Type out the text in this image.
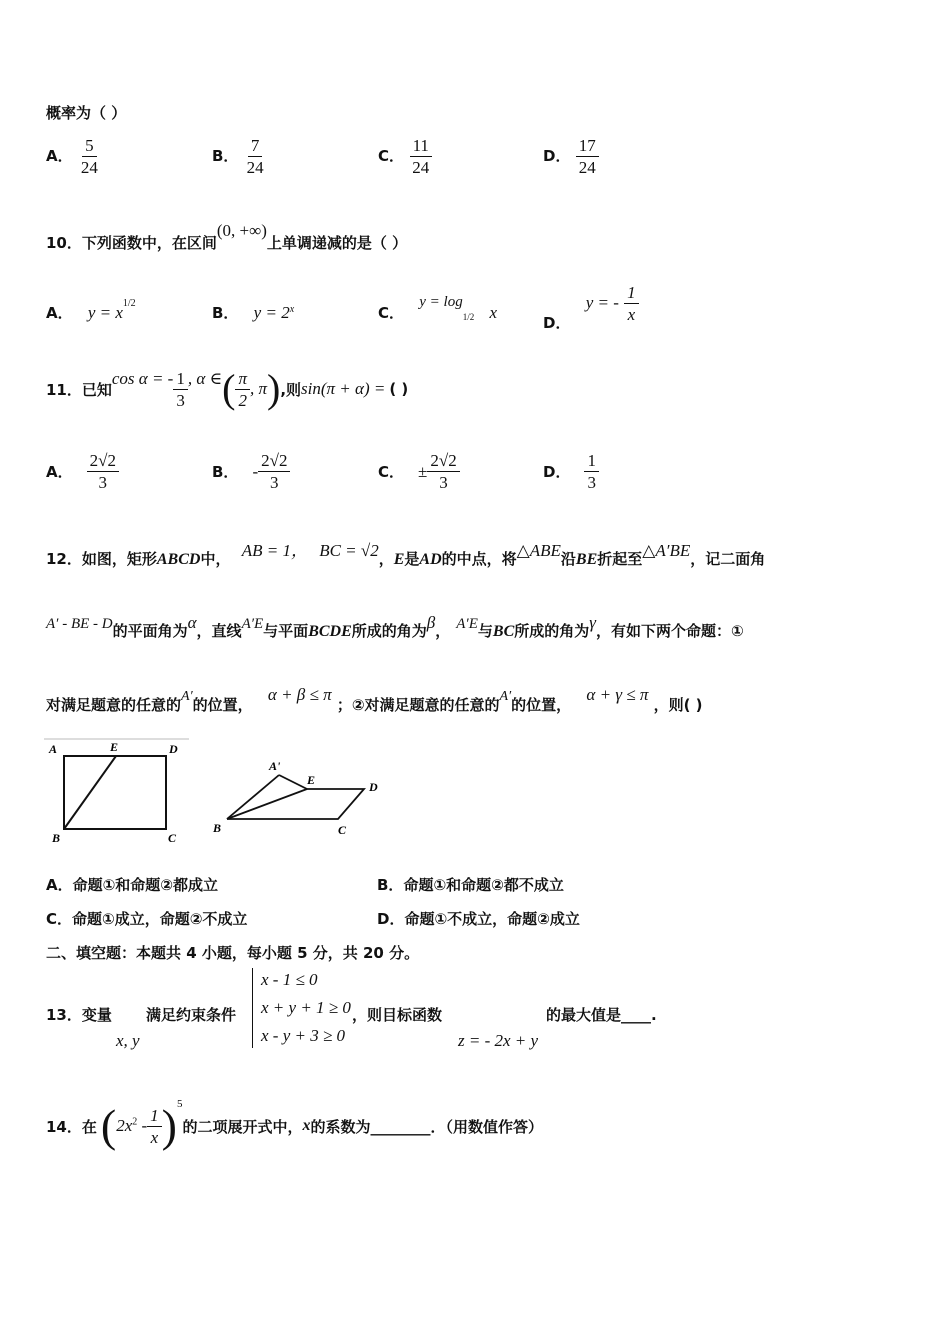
概率为（ ）
A． $\frac{5}{24}$	B． $\frac{7}{24}$	C． $\frac{11}{24}$	D． $\frac{17}{24}$
10．下列函数中，在区间(0, +∞)上单调递减的是（ ）
A． $y = x^{1/2}$
B． $y = 2^x$	C． $y = \log_{1/2} x$
D． y = - $\frac{1}{x}$
11．已知
cos α = - $\frac{1}{3}$ , α ∈ ( $\frac{\pi}{2}$ , π ) ,则 sin(π + α) = ( )
A． $\frac{2√2}{3}$	B． - $\frac{2√2}{3}$	C． ± $\frac{2√2}{3}$	D． $\frac{1}{3}$
12．如图，矩形ABCD中， AB = 1， BC = √2，E是AD的中点，将△ABE沿BE折起至△A′BE，记二面角
A′ - BE - D的平面角为α，直线A′E与平面BCDE所成的角为β， A′E与BC所成的角为γ，有如下两个命题：①
对满足题意的任意的A′的位置， α + β ≤ π ；②对满足题意的任意的A′的位置， α + γ ≤ π ，则( )
A	E	D
B	C
A'
E	D
B	C
A．命题①和命题②都成立	B．命题①和命题②都不成立
C．命题①成立，命题②不成立	D．命题①不成立，命题②成立
二、填空题：本题共 4 小题，每小题 5 分，共 20 分。
13．变量
x, y
满足约束条件
x - 1 ≤ 0
x + y + 1 ≥ 0
x - y + 3 ≥ 0
，则目标函数
z = - 2x + y
的最大值是____.
14．在 ( $2x^2 - \frac{1}{x}$ ) 5
的二项展开式中， x 的系数为________．（用数值作答）
